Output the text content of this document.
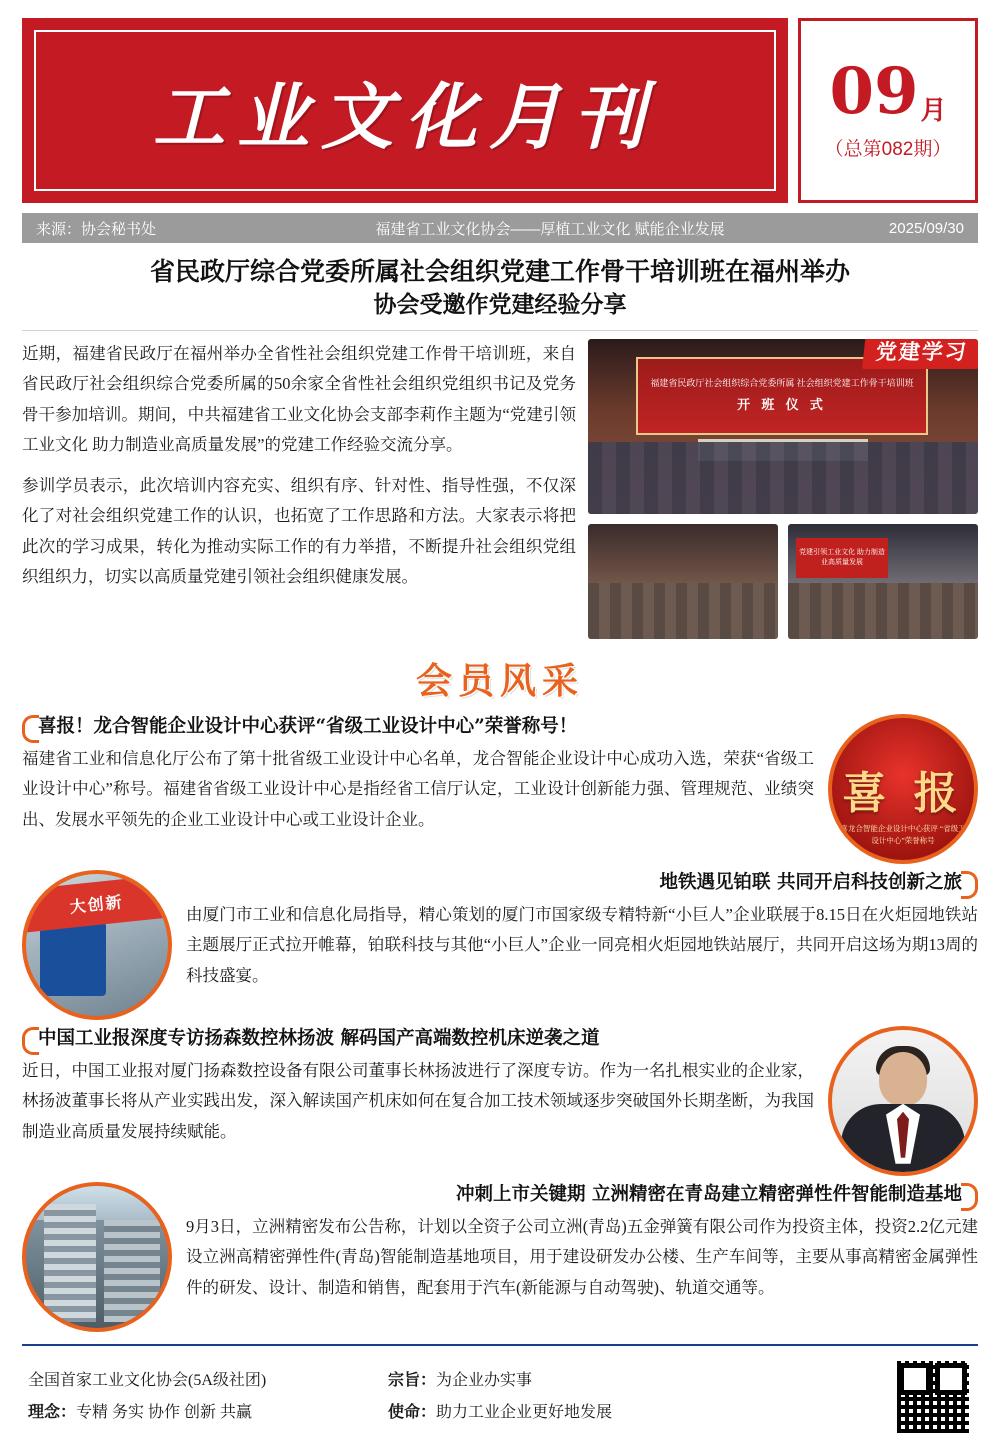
工业文化月刊	09月
（总第082期）
来源：协会秘书处	福建省工业文化协会——厚植工业文化 赋能企业发展	2025/09/30
省民政厅综合党委所属社会组织党建工作骨干培训班在福州举办
协会受邀作党建经验分享

近期，福建省民政厅在福州举办全省性社会组织党建工作骨干培训班，来自省民政厅社会组织综合党委所属的50余家全省性社会组织党组织书记及党务骨干参加培训。期间，中共福建省工业文化协会支部李莉作主题为“党建引领工业文化 助力制造业高质量发展”的党建工作经验交流分享。

参训学员表示，此次培训内容充实、组织有序、针对性、指导性强，不仅深化了对社会组织党建工作的认识，也拓宽了工作思路和方法。大家表示将把此次的学习成果，转化为推动实际工作的有力举措，不断提升社会组织党组织组织力，切实以高质量党建引领社会组织健康发展。

福建省民政厅社会组织综合党委所属 社会组织党建工作骨干培训班
开 班 仪 式
党建学习
党建引领工业文化 助力制造业高质量发展
会员风采
喜报！龙合智能企业设计中心获评“省级工业设计中心”荣誉称号！
福建省工业和信息化厅公布了第十批省级工业设计中心名单，龙合智能企业设计中心成功入选，荣获“省级工业设计中心”称号。福建省省级工业设计中心是指经省工信厅认定，工业设计创新能力强、管理规范、业绩突出、发展水平领先的企业工业设计中心或工业设计企业。
喜 报
恭喜龙合智能企业设计中心获评 “省级工业设计中心”荣誉称号
大创新
地铁遇见铂联 共同开启科技创新之旅
由厦门市工业和信息化局指导，精心策划的厦门市国家级专精特新“小巨人”企业联展于8.15日在火炬园地铁站主题展厅正式拉开帷幕，铂联科技与其他“小巨人”企业一同亮相火炬园地铁站展厅，共同开启这场为期13周的科技盛宴。
中国工业报深度专访扬森数控林扬波 解码国产高端数控机床逆袭之道
近日，中国工业报对厦门扬森数控设备有限公司董事长林扬波进行了深度专访。作为一名扎根实业的企业家，林扬波董事长将从产业实践出发，深入解读国产机床如何在复合加工技术领域逐步突破国外长期垄断，为我国制造业高质量发展持续赋能。
冲刺上市关键期 立洲精密在青岛建立精密弹性件智能制造基地
9月3日，立洲精密发布公告称，计划以全资子公司立洲(青岛)五金弹簧有限公司作为投资主体，投资2.2亿元建设立洲高精密弹性件(青岛)智能制造基地项目，用于建设研发办公楼、生产车间等，主要从事高精密金属弹性件的研发、设计、制造和销售，配套用于汽车(新能源与自动驾驶)、轨道交通等。
全国首家工业文化协会(5A级社团)
理念：专精 务实 协作 创新 共赢
宗旨：为企业办实事
使命：助力工业企业更好地发展
